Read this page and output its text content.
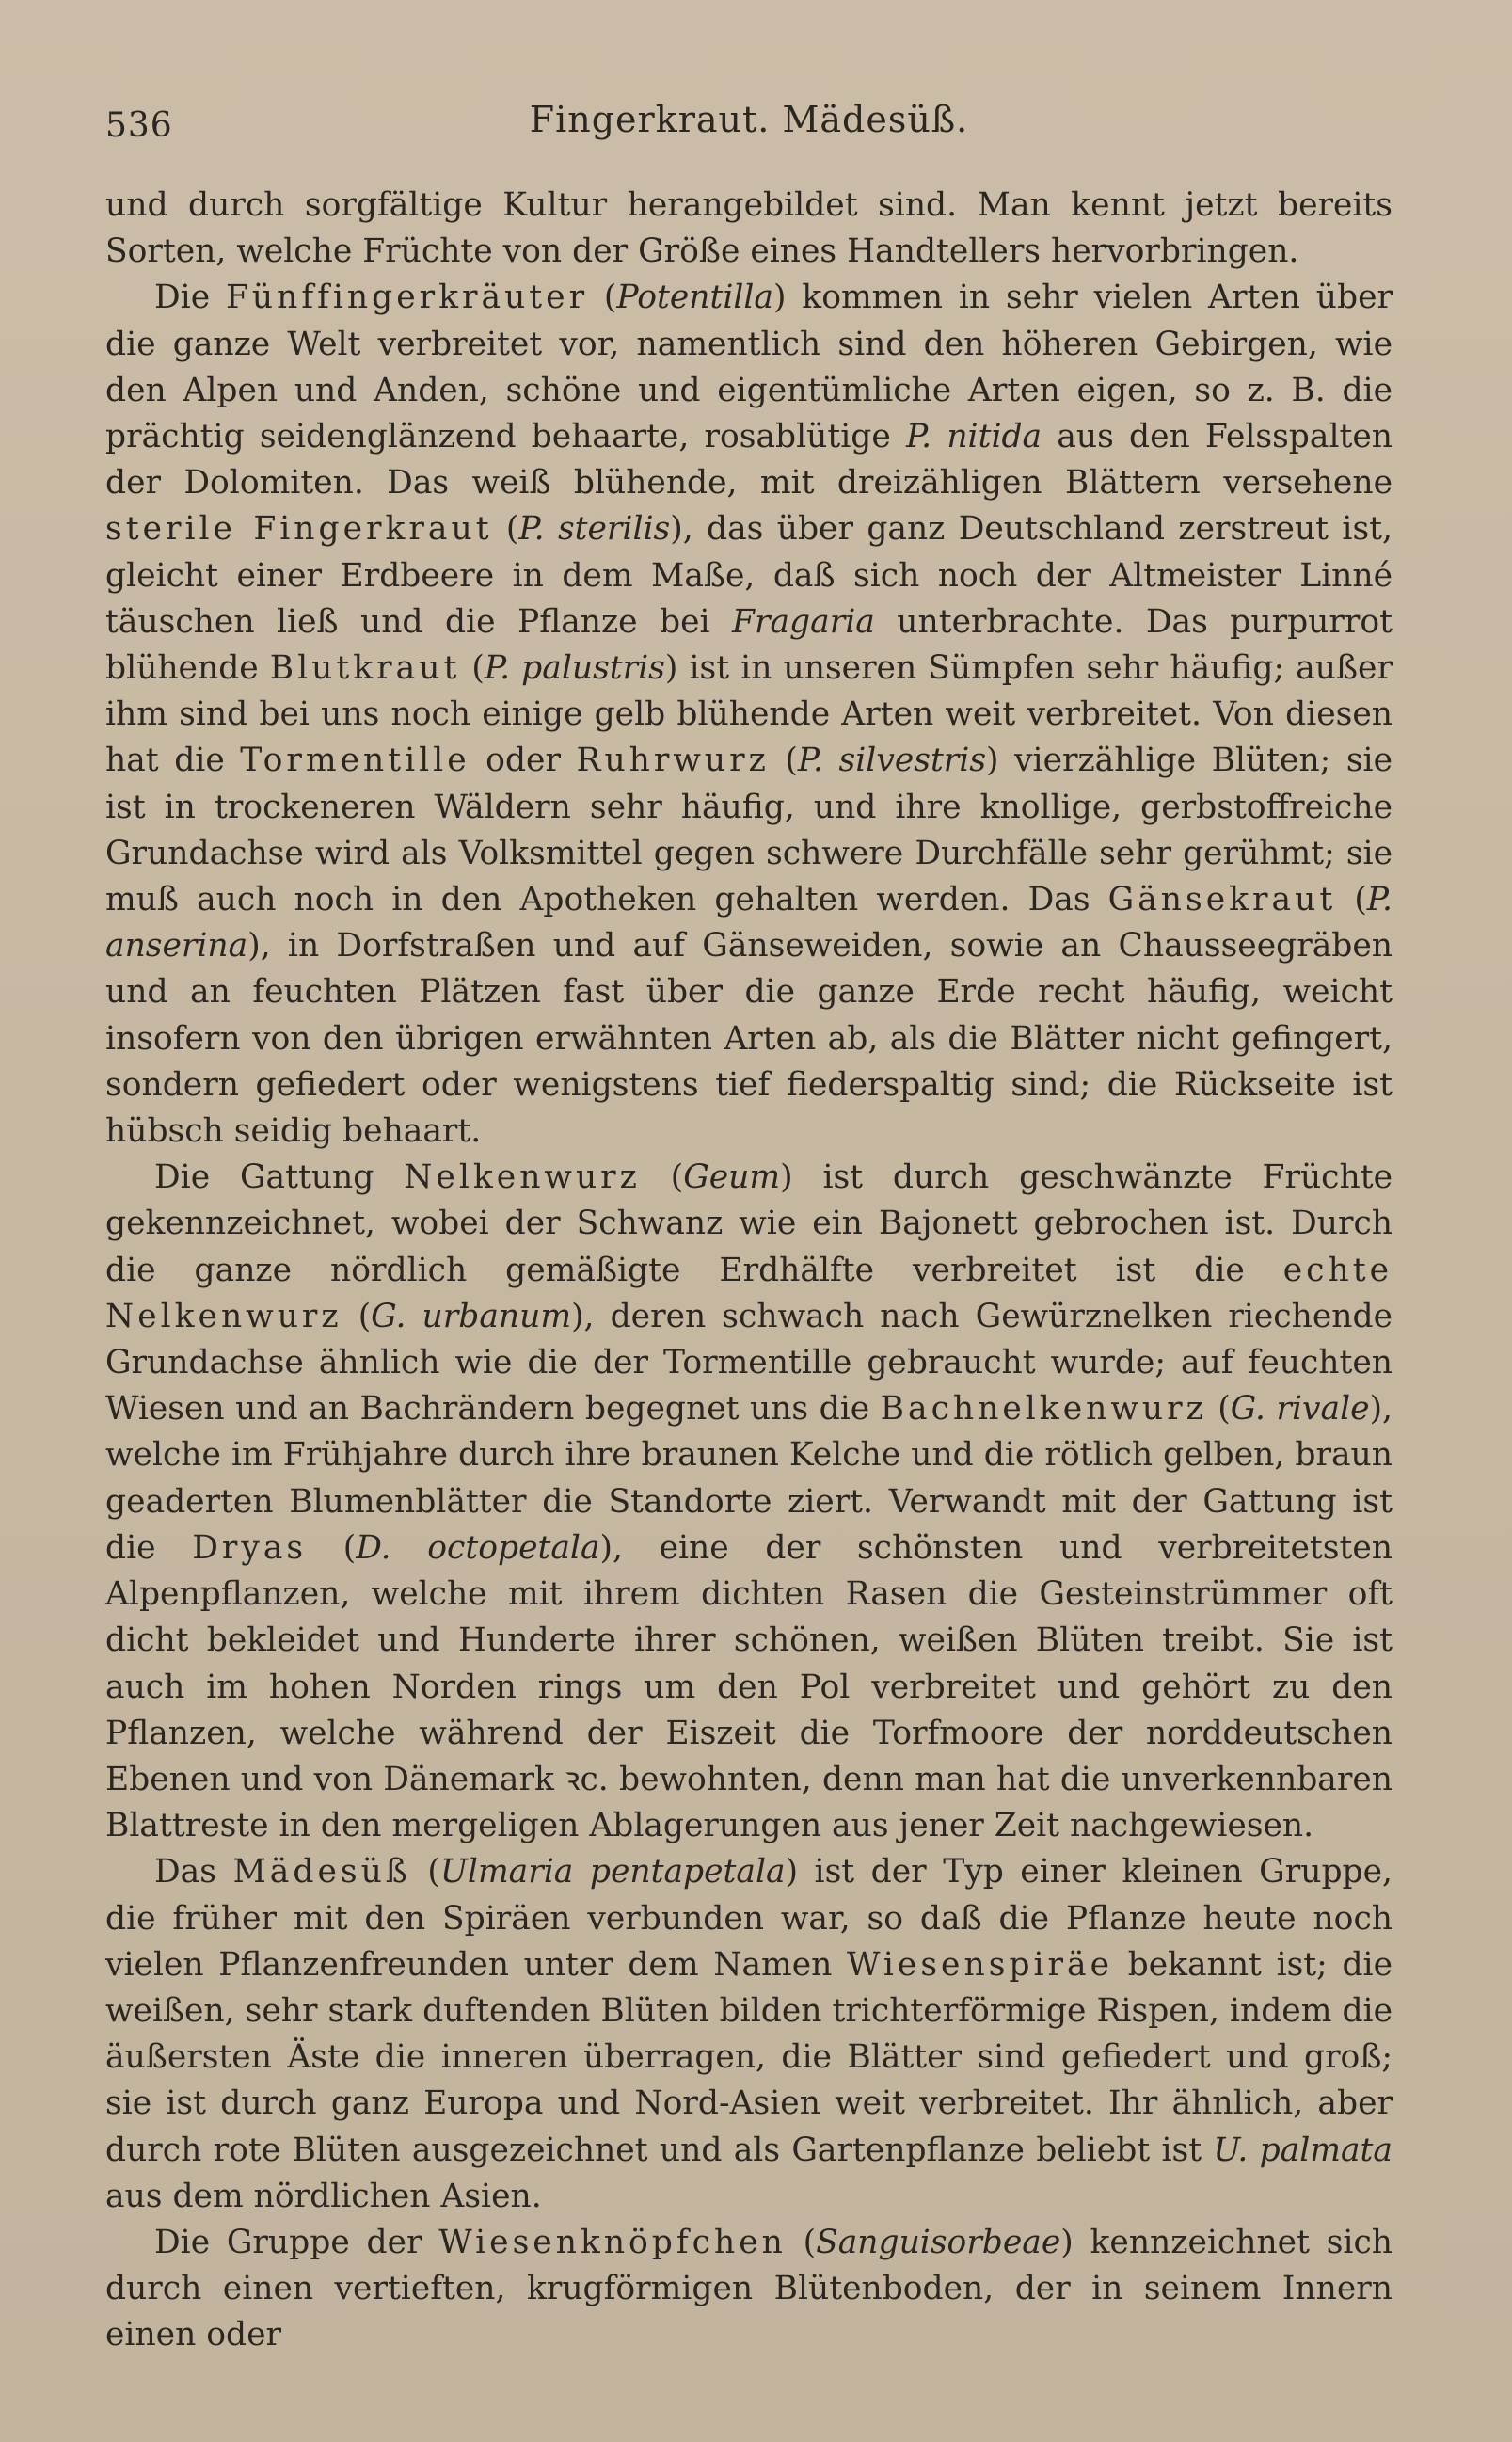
536	Fingerkraut. Mädesüß.

und durch sorgfältige Kultur herangebildet sind. Man kennt jetzt bereits Sorten, welche Früchte von der Größe eines Handtellers hervorbringen.

Die Fünffingerkräuter (Potentilla) kommen in sehr vielen Arten über die ganze Welt verbreitet vor, namentlich sind den höheren Gebirgen, wie den Alpen und Anden, schöne und eigentümliche Arten eigen, so z. B. die prächtig seidenglänzend behaarte, rosablütige P. nitida aus den Felsspalten der Dolomiten. Das weiß blühende, mit dreizähligen Blättern versehene sterile Fingerkraut (P. sterilis), das über ganz Deutschland zerstreut ist, gleicht einer Erdbeere in dem Maße, daß sich noch der Altmeister Linné täuschen ließ und die Pflanze bei Fragaria unterbrachte. Das purpurrot blühende Blutkraut (P. palustris) ist in unseren Sümpfen sehr häufig; außer ihm sind bei uns noch einige gelb blühende Arten weit verbreitet. Von diesen hat die Tormentille oder Ruhrwurz (P. silvestris) vierzählige Blüten; sie ist in trockeneren Wäldern sehr häufig, und ihre knollige, gerbstoffreiche Grundachse wird als Volksmittel gegen schwere Durchfälle sehr gerühmt; sie muß auch noch in den Apotheken gehalten werden. Das Gänsekraut (P. anserina), in Dorfstraßen und auf Gänseweiden, sowie an Chausseegräben und an feuchten Plätzen fast über die ganze Erde recht häufig, weicht insofern von den übrigen erwähnten Arten ab, als die Blätter nicht gefingert, sondern gefiedert oder wenigstens tief fiederspaltig sind; die Rückseite ist hübsch seidig behaart.

Die Gattung Nelkenwurz (Geum) ist durch geschwänzte Früchte gekennzeichnet, wobei der Schwanz wie ein Bajonett gebrochen ist. Durch die ganze nördlich gemäßigte Erdhälfte verbreitet ist die echte Nelkenwurz (G. urbanum), deren schwach nach Gewürznelken riechende Grundachse ähnlich wie die der Tormentille gebraucht wurde; auf feuchten Wiesen und an Bachrändern begegnet uns die Bachnelkenwurz (G. rivale), welche im Frühjahre durch ihre braunen Kelche und die rötlich gelben, braun geaderten Blumenblätter die Standorte ziert. Verwandt mit der Gattung ist die Dryas (D. octopetala), eine der schönsten und verbreitetsten Alpenpflanzen, welche mit ihrem dichten Rasen die Gesteinstrümmer oft dicht bekleidet und Hunderte ihrer schönen, weißen Blüten treibt. Sie ist auch im hohen Norden rings um den Pol verbreitet und gehört zu den Pflanzen, welche während der Eiszeit die Torfmoore der norddeutschen Ebenen und von Dänemark ꝛc. bewohnten, denn man hat die unverkennbaren Blattreste in den mergeligen Ablagerungen aus jener Zeit nachgewiesen.

Das Mädesüß (Ulmaria pentapetala) ist der Typ einer kleinen Gruppe, die früher mit den Spiräen verbunden war, so daß die Pflanze heute noch vielen Pflanzenfreunden unter dem Namen Wiesenspiräe bekannt ist; die weißen, sehr stark duftenden Blüten bilden trichterförmige Rispen, indem die äußersten Äste die inneren überragen, die Blätter sind gefiedert und groß; sie ist durch ganz Europa und Nord-Asien weit verbreitet. Ihr ähnlich, aber durch rote Blüten ausgezeichnet und als Gartenpflanze beliebt ist U. palmata aus dem nördlichen Asien.

Die Gruppe der Wiesenknöpfchen (Sanguisorbeae) kennzeichnet sich durch einen vertieften, krugförmigen Blütenboden, der in seinem Innern einen oder
